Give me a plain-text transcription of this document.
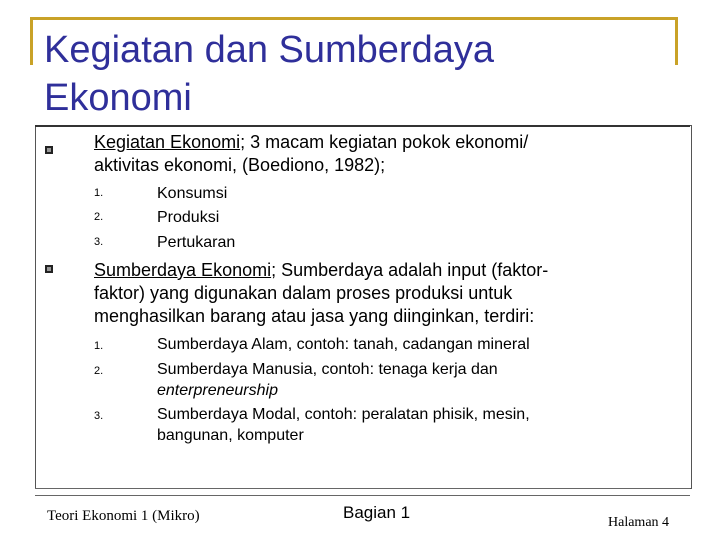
Kegiatan dan Sumberdaya
Ekonomi
Kegiatan Ekonomi; 3 macam kegiatan pokok ekonomi/
aktivitas ekonomi, (Boediono, 1982);
1.	Konsumsi
2.	Produksi
3.	Pertukaran
Sumberdaya Ekonomi; Sumberdaya adalah input (faktor-
faktor) yang digunakan dalam proses produksi untuk
menghasilkan barang atau jasa yang diinginkan, terdiri:
1.	Sumberdaya Alam, contoh: tanah, cadangan mineral
2.	Sumberdaya Manusia, contoh: tenaga kerja dan
enterpreneurship
3.	Sumberdaya Modal, contoh: peralatan phisik, mesin,
bangunan, komputer
Teori Ekonomi 1 (Mikro)	Bagian 1
Halaman 4
